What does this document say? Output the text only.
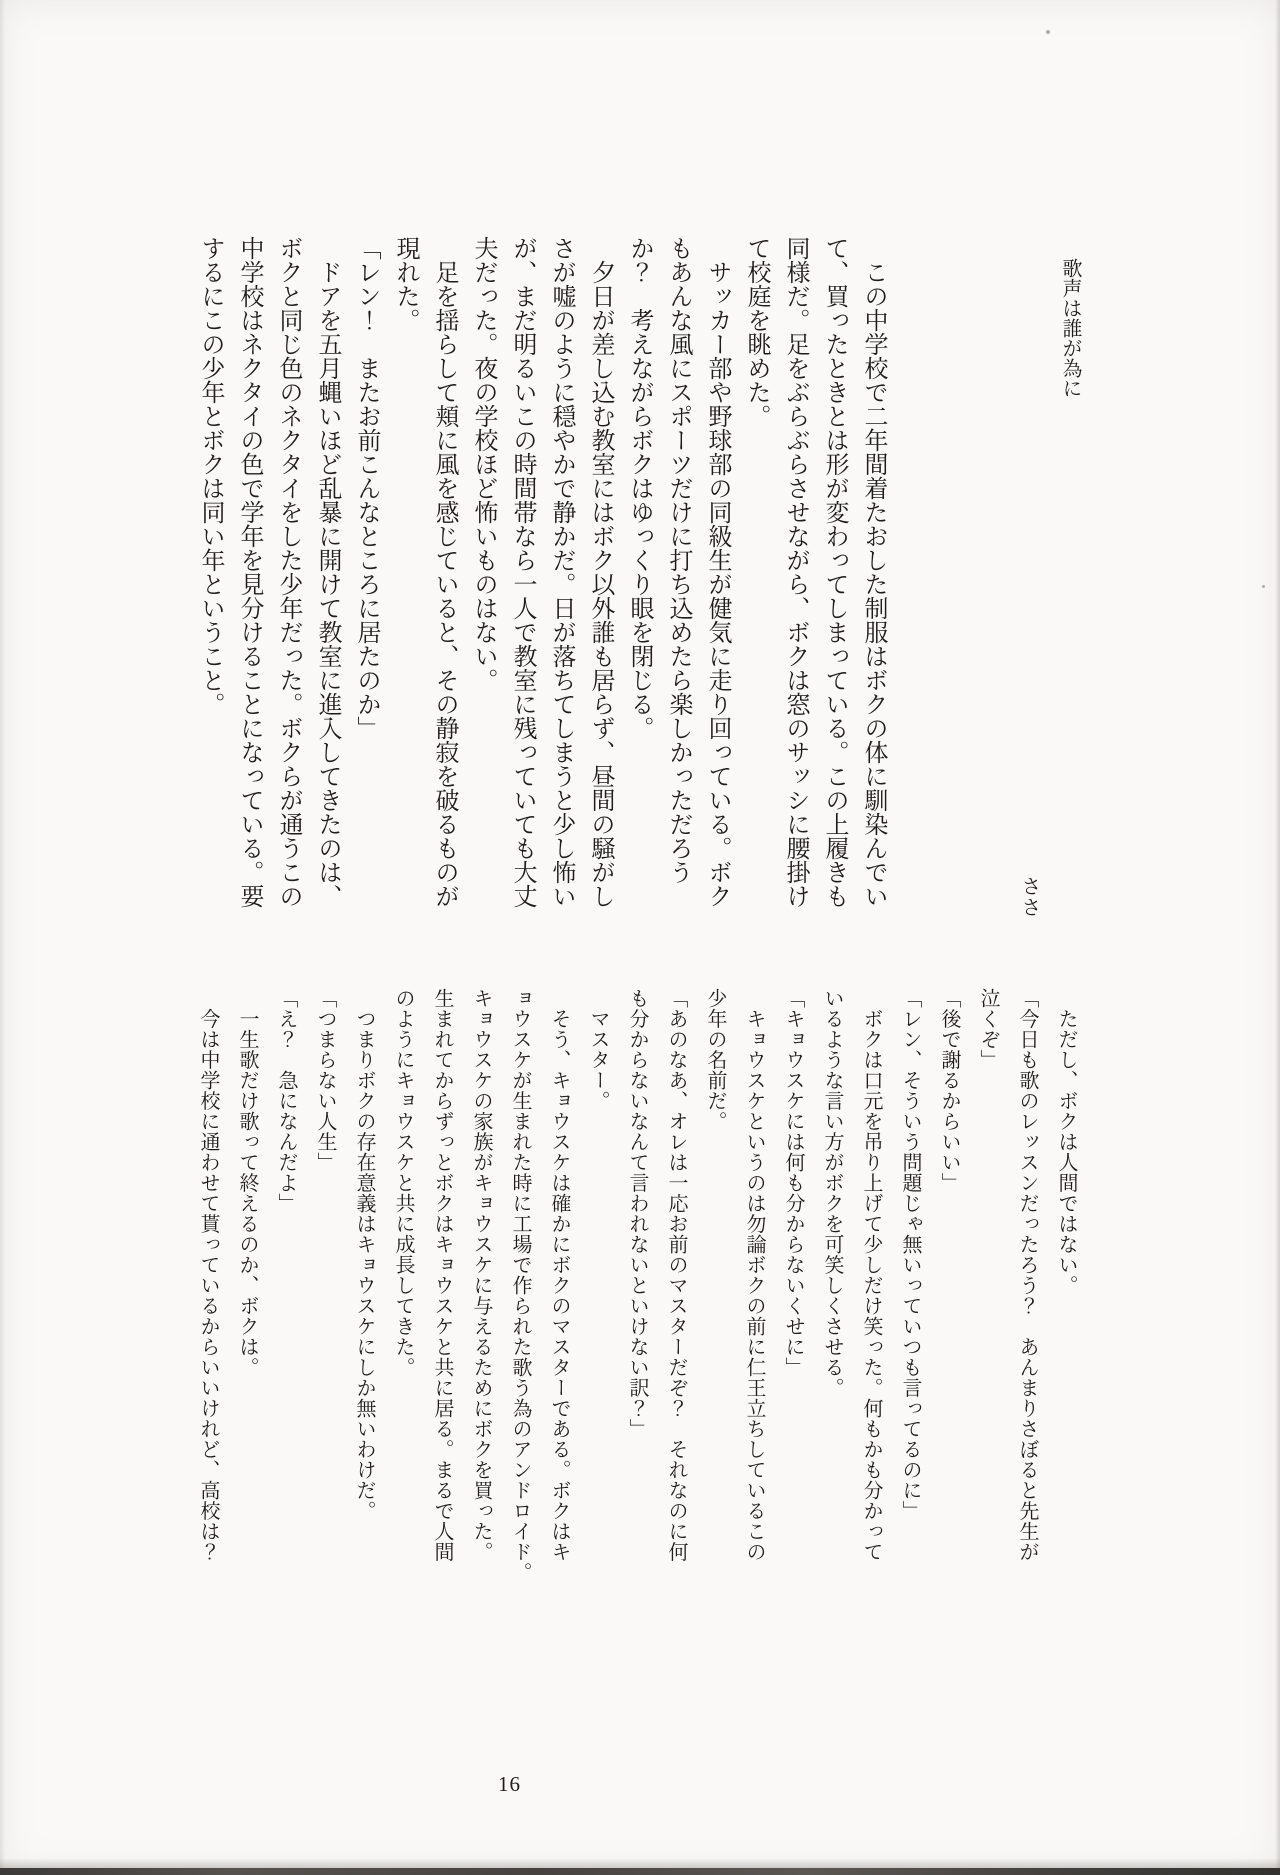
歌声は誰が為に
ささ
　この中学校で二年間着たおした制服はボクの体に馴染んでい
て、買ったときとは形が変わってしまっている。この上履きも
同様だ。足をぶらぶらさせながら、ボクは窓のサッシに腰掛け
て校庭を眺めた。
　サッカー部や野球部の同級生が健気に走り回っている。ボク
もあんな風にスポーツだけに打ち込めたら楽しかっただろう
か？　考えながらボクはゆっくり眼を閉じる。
　夕日が差し込む教室にはボク以外誰も居らず、昼間の騒がし
さが嘘のように穏やかで静かだ。日が落ちてしまうと少し怖い
が、まだ明るいこの時間帯なら一人で教室に残っていても大丈
夫だった。夜の学校ほど怖いものはない。
　足を揺らして頬に風を感じていると、その静寂を破るものが
現れた。
「レン！　またお前こんなところに居たのか」
　ドアを五月蝿いほど乱暴に開けて教室に進入してきたのは、
ボクと同じ色のネクタイをした少年だった。ボクらが通うこの
中学校はネクタイの色で学年を見分けることになっている。要
するにこの少年とボクは同い年ということ。
　ただし、ボクは人間ではない。
「今日も歌のレッスンだったろう？　あんまりさぼると先生が
泣くぞ」
「後で謝るからいい」
「レン、そういう問題じゃ無いっていつも言ってるのに」
　ボクは口元を吊り上げて少しだけ笑った。何もかも分かって
いるような言い方がボクを可笑しくさせる。
「キョウスケには何も分からないくせに」
　キョウスケというのは勿論ボクの前に仁王立ちしているこの
少年の名前だ。
「あのなあ、オレは一応お前のマスターだぞ？　それなのに何
も分からないなんて言われないといけない訳？」
　マスター。
　そう、キョウスケは確かにボクのマスターである。ボクはキ
ョウスケが生まれた時に工場で作られた歌う為のアンドロイド。
キョウスケの家族がキョウスケに与えるためにボクを買った。
生まれてからずっとボクはキョウスケと共に居る。まるで人間
のようにキョウスケと共に成長してきた。
　つまりボクの存在意義はキョウスケにしか無いわけだ。
「つまらない人生」
「え？　急になんだよ」
　一生歌だけ歌って終えるのか、ボクは。
　今は中学校に通わせて貰っているからいいけれど、高校は？
16
